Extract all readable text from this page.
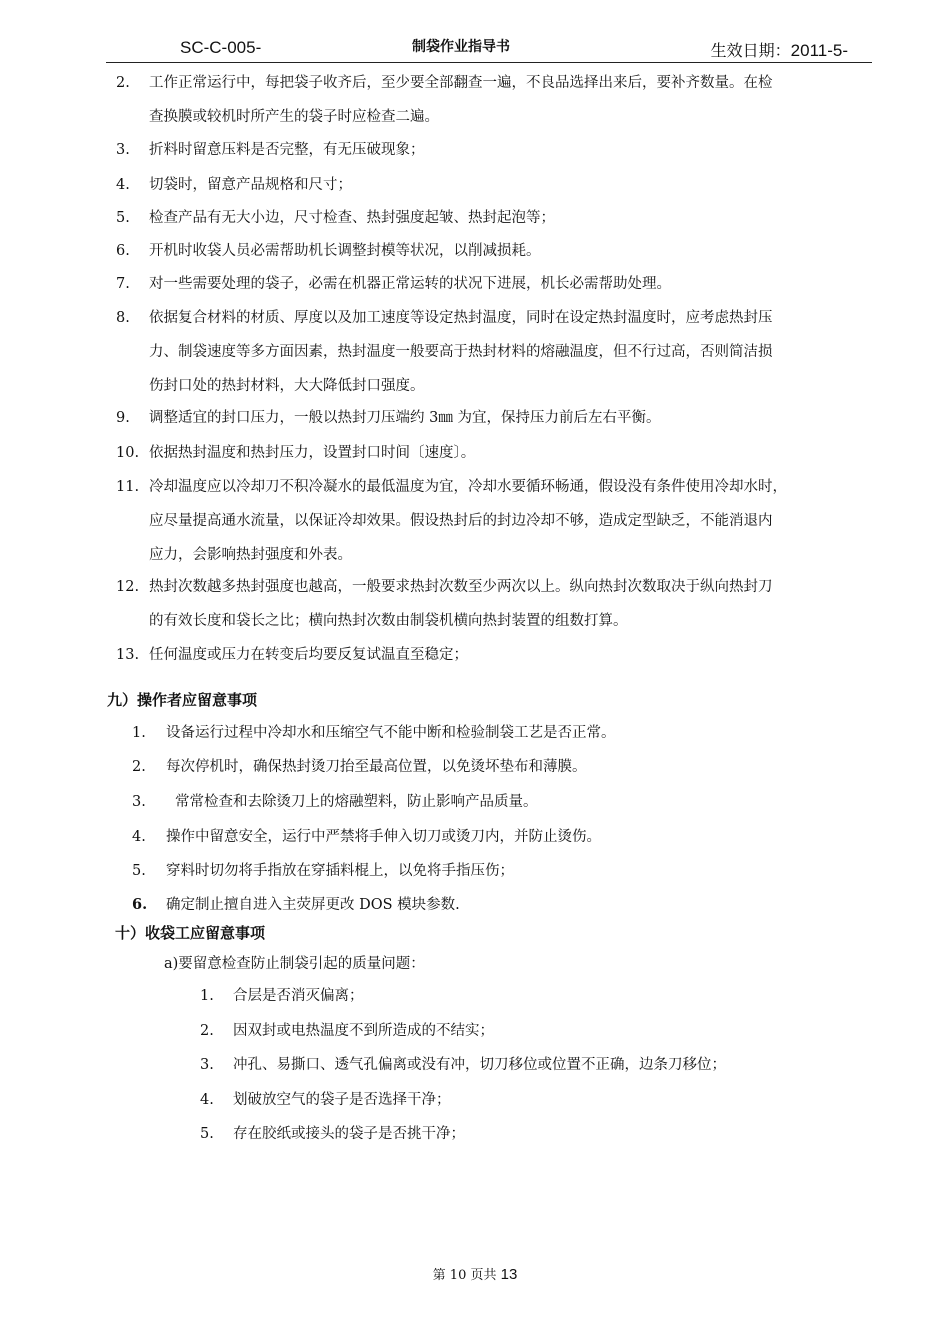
SC-C-005-	制袋作业指导书	生效日期：2011-5-
2. 工作正常运行中，每把袋子收齐后，至少要全部翻查一遍，不良品选择出来后，要补齐数量。在检
查换膜或较机时所产生的袋子时应检查二遍。
3. 折料时留意压料是否完整，有无压破现象；
4. 切袋时，留意产品规格和尺寸；
5. 检查产品有无大小边，尺寸检查、热封强度起皱、热封起泡等；
6. 开机时收袋人员必需帮助机长调整封模等状况，以削减损耗。
7. 对一些需要处理的袋子，必需在机器正常运转的状况下进展，机长必需帮助处理。
8. 依据复合材料的材质、厚度以及加工速度等设定热封温度，同时在设定热封温度时，应考虑热封压
力、制袋速度等多方面因素，热封温度一般要高于热封材料的熔融温度，但不行过高，否则简洁损
伤封口处的热封材料，大大降低封口强度。
9. 调整适宜的封口压力，一般以热封刀压端约 3㎜ 为宜，保持压力前后左右平衡。
10. 依据热封温度和热封压力，设置封口时间〔速度〕。
11. 冷却温度应以冷却刀不积冷凝水的最低温度为宜，冷却水要循环畅通，假设没有条件使用冷却水时，
应尽量提高通水流量，以保证冷却效果。假设热封后的封边冷却不够，造成定型缺乏，不能消退内
应力，会影响热封强度和外表。
12. 热封次数越多热封强度也越高，一般要求热封次数至少两次以上。纵向热封次数取决于纵向热封刀
的有效长度和袋长之比；横向热封次数由制袋机横向热封装置的组数打算。
13. 任何温度或压力在转变后均要反复试温直至稳定；
九）操作者应留意事项
1. 设备运行过程中冷却水和压缩空气不能中断和检验制袋工艺是否正常。
2. 每次停机时，确保热封烫刀抬至最高位置，以免烫坏垫布和薄膜。
3. 常常检查和去除烫刀上的熔融塑料，防止影响产品质量。
4. 操作中留意安全，运行中严禁将手伸入切刀或烫刀内，并防止烫伤。
5. 穿料时切勿将手指放在穿插料棍上，以免将手指压伤；
6. 确定制止擅自进入主荧屏更改 DOS 模块参数.
十）收袋工应留意事项
a)要留意检查防止制袋引起的质量问题：
1. 合层是否消灭偏离；
2. 因双封或电热温度不到所造成的不结实；
3. 冲孔、易撕口、透气孔偏离或没有冲，切刀移位或位置不正确，边条刀移位；
4. 划破放空气的袋子是否选择干净；
5. 存在胶纸或接头的袋子是否挑干净；
第 10 页共 13
